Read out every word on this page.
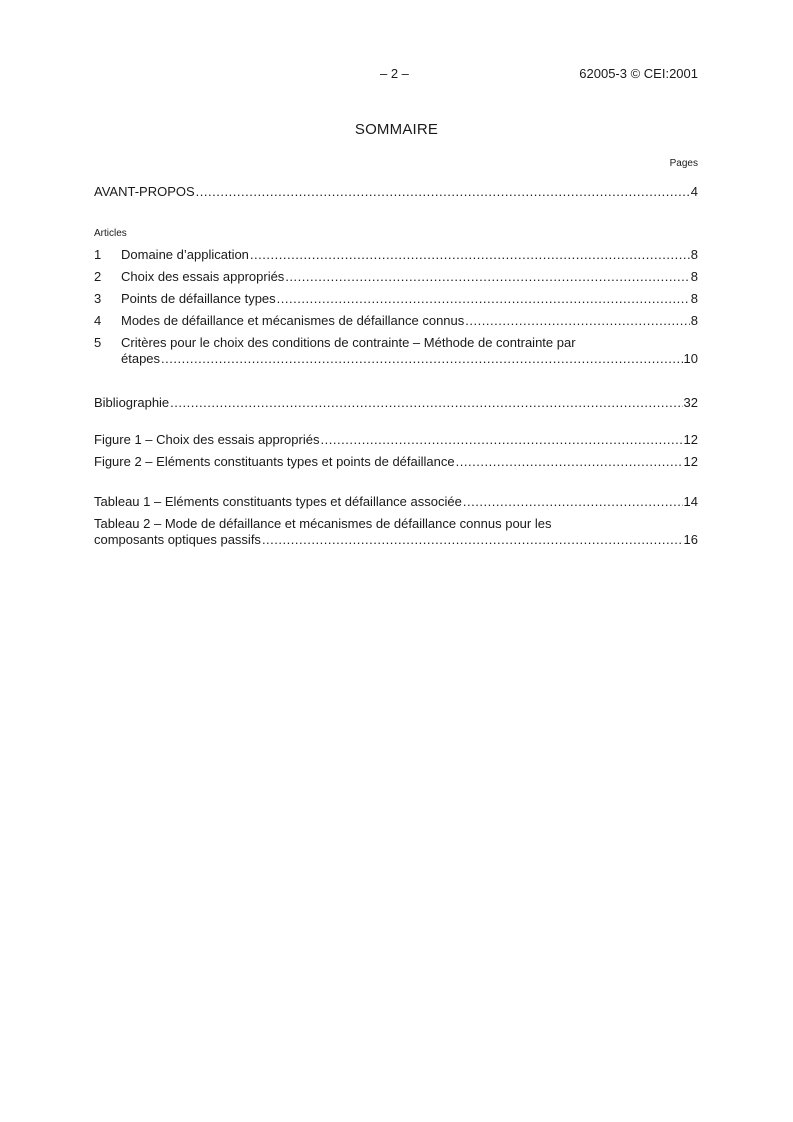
– 2 –	62005-3 © CEI:2001
SOMMAIRE
Pages
AVANT-PROPOS . . .	4
Articles
1	Domaine d’application . . .	8
2	Choix des essais appropriés . . .	8
3	Points de défaillance types . . .	8
4	Modes de défaillance et mécanismes de défaillance connus . . .	8
5	Critères pour le choix des conditions de contrainte – Méthode de contrainte par
étapes . . .	10
Bibliographie . . .	32
Figure 1 – Choix des essais appropriés . . .	12
Figure 2 – Eléments constituants types et points de défaillance . . .	12
Tableau 1 – Eléments constituants types et défaillance associée . . .	14
Tableau 2 – Mode de défaillance et mécanismes de défaillance connus pour les
composants optiques passifs . . .	16
